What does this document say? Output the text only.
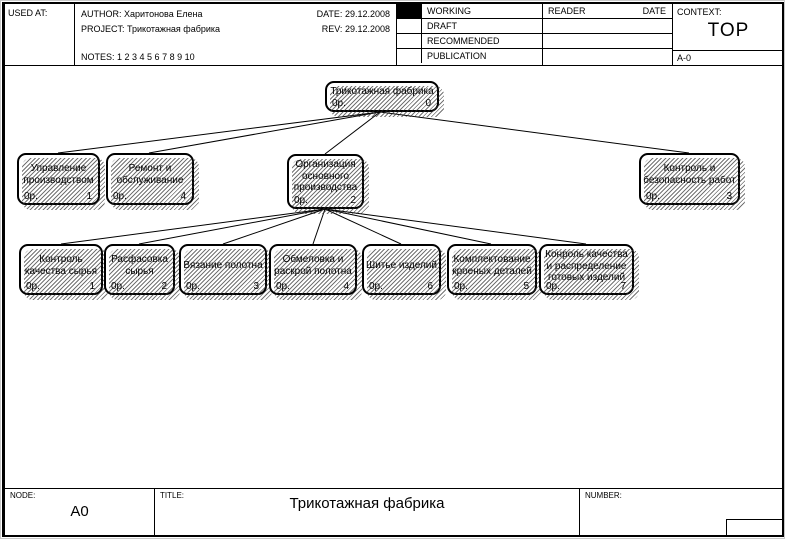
USED AT:	AUTHOR: Харитонова Елена
PROJECT: Трикотажная фабрика
NOTES: 1 2 3 4 5 6 7 8 9 10
DATE: 29.12.2008
REV: 29.12.2008
WORKING
DRAFT
RECOMMENDED
PUBLICATION
READER	DATE CONTEXT:
TOP
A-0
Трикотажная фабрика
0р.	0
Управление производством
0р.	1
Ремонт и обслуживание
0р.	4
Организация основного производства
0р.	2
Контроль и безопасность работ
0р.	3
Контроль качества сырья
0р.	1
Расфасовка сырья
0р.	2
Вязание полотна
0р.	3
Обмеловка и раскрой полотна
0р.	4
Шитье изделий
0р.	6
Комплектование кроеных деталей
0р.	5
Конроль качества и распределение готовых изделий
0р.	7
NODE:
A0
TITLE:	Трикотажная фабрика	NUMBER:
